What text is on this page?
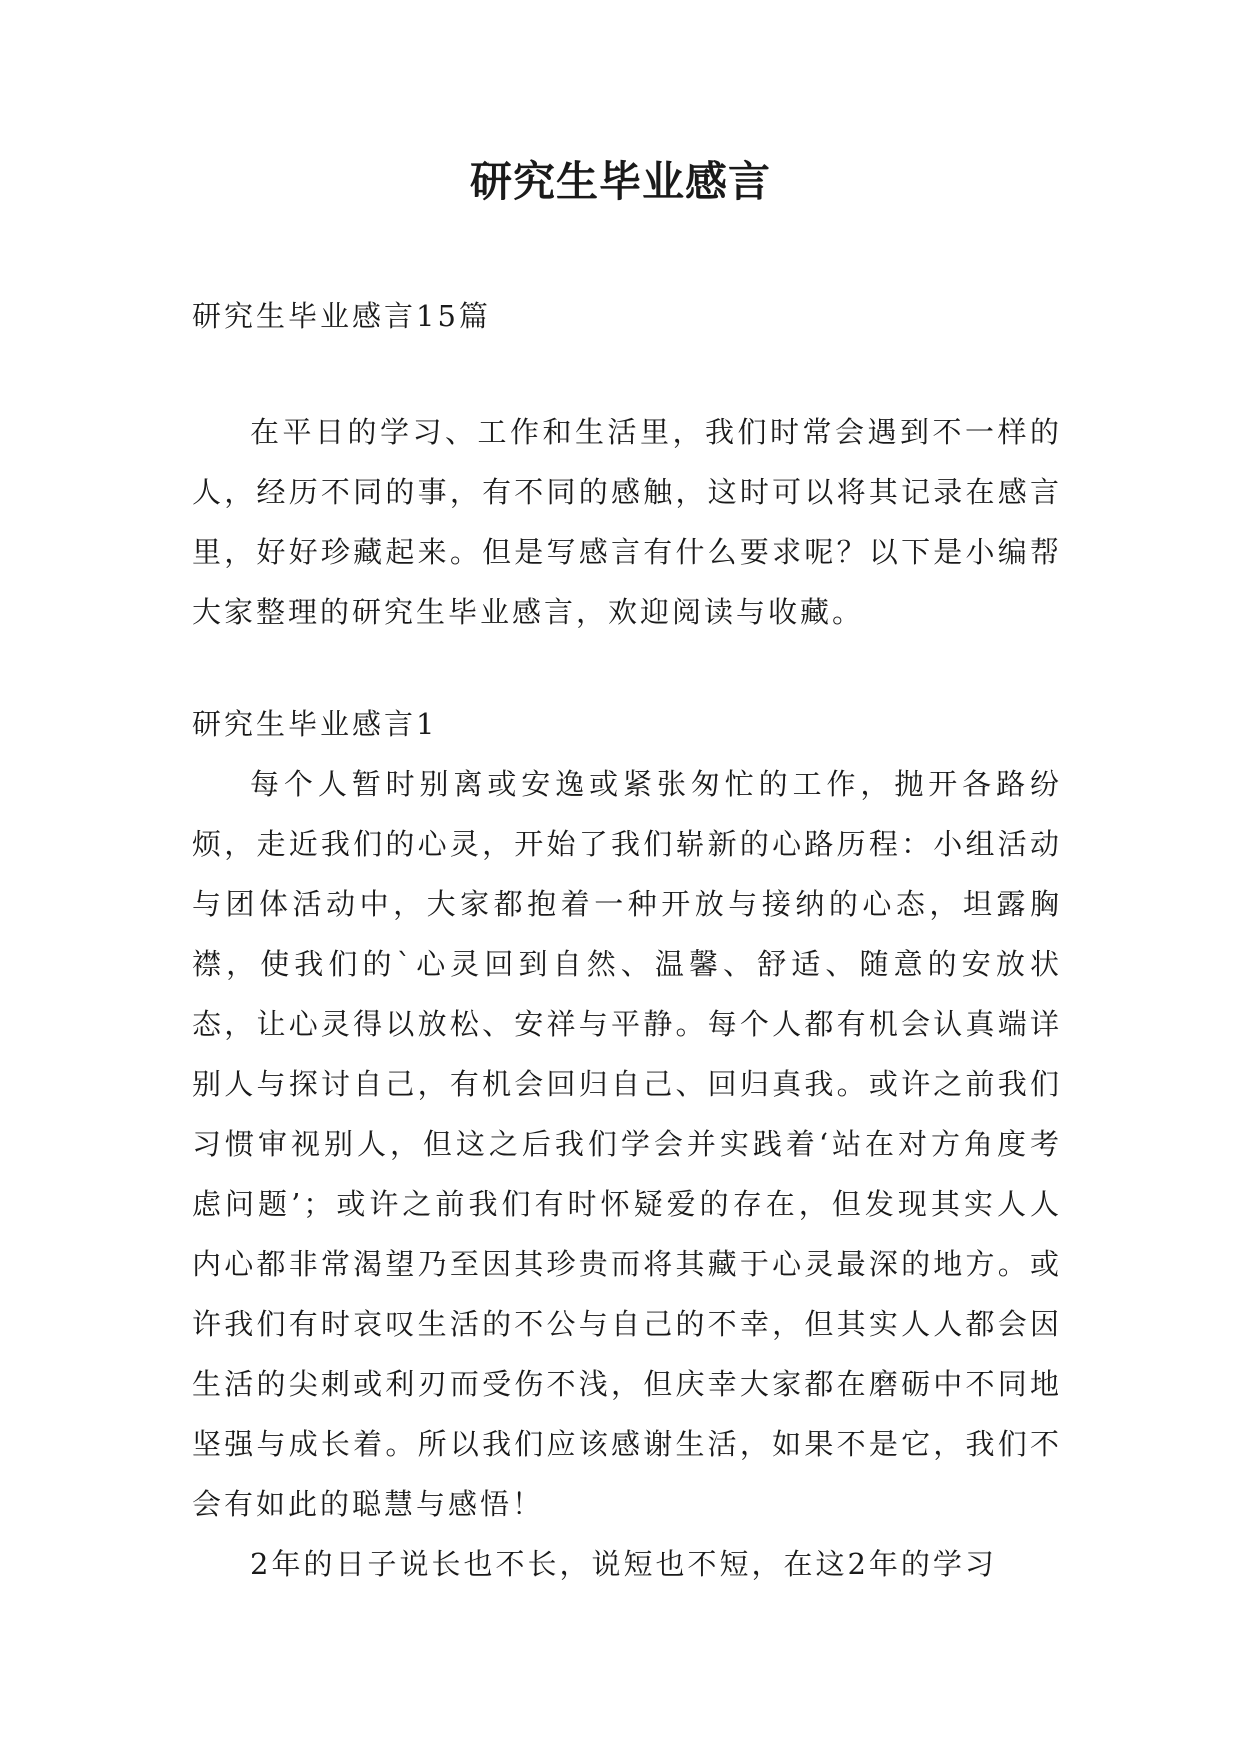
研究生毕业感言
研究生毕业感言15篇

在平日的学习、工作和生活里，我们时常会遇到不一样的人，经历不同的事，有不同的感触，这时可以将其记录在感言里，好好珍藏起来。但是写感言有什么要求呢？以下是小编帮大家整理的研究生毕业感言，欢迎阅读与收藏。

研究生毕业感言1

每个人暂时别离或安逸或紧张匆忙的工作，抛开各路纷烦，走近我们的心灵，开始了我们崭新的心路历程：小组活动与团体活动中，大家都抱着一种开放与接纳的心态，坦露胸襟，使我们的`心灵回到自然、温馨、舒适、随意的安放状态，让心灵得以放松、安祥与平静。每个人都有机会认真端详别人与探讨自己，有机会回归自己、回归真我。或许之前我们习惯审视别人，但这之后我们学会并实践着‘站在对方角度考虑问题’；或许之前我们有时怀疑爱的存在，但发现其实人人内心都非常渴望乃至因其珍贵而将其藏于心灵最深的地方。或许我们有时哀叹生活的不公与自己的不幸，但其实人人都会因生活的尖刺或利刃而受伤不浅，但庆幸大家都在磨砺中不同地坚强与成长着。所以我们应该感谢生活，如果不是它，我们不会有如此的聪慧与感悟！

2年的日子说长也不长，说短也不短，在这2年的学习
